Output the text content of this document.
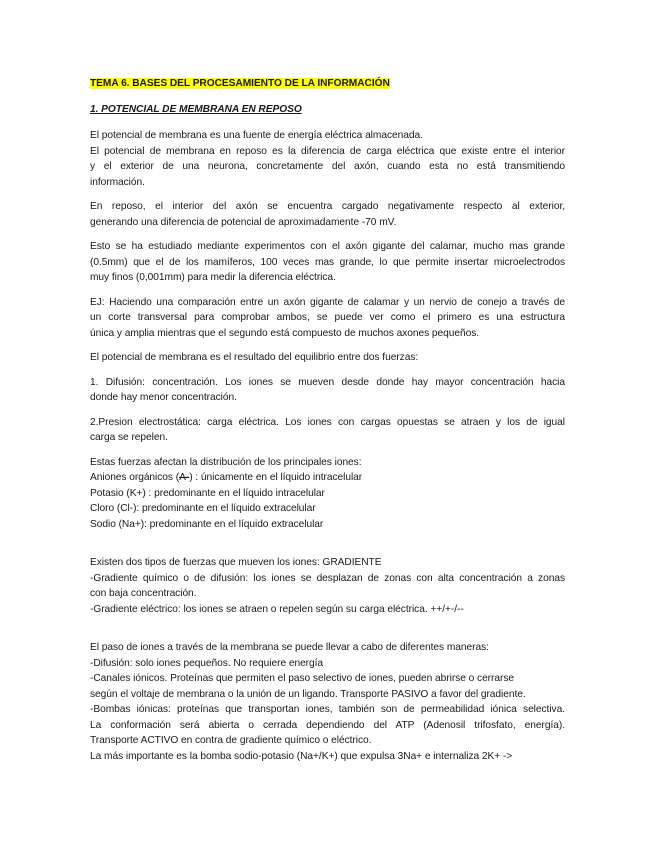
TEMA 6. BASES DEL PROCESAMIENTO DE LA INFORMACIÓN
1. POTENCIAL DE MEMBRANA EN REPOSO
El potencial de membrana es una fuente de energía eléctrica almacenada.
El potencial de membrana en reposo es la diferencia de carga eléctrica que existe entre el interior
y el exterior de una neurona, concretamente del axón, cuando esta no está transmitiendo
información.
En reposo, el interior del axón se encuentra cargado negativamente respecto al exterior,
generando una diferencia de potencial de aproximadamente -70 mV.
Esto se ha estudiado mediante experimentos con el axón gigante del calamar, mucho mas grande
(0.5mm) que el de los mamíferos, 100 veces mas grande, lo que permite insertar microelectrodos
muy finos (0,001mm) para medir la diferencia eléctrica.
EJ: Haciendo una comparación entre un axón gigante de calamar y un nervio de conejo a través de
un corte transversal para comprobar ambos, se puede ver como el primero es una estructura
única y amplia mientras que el segundo está compuesto de muchos axones pequeños.
El potencial de membrana es el resultado del equilibrio entre dos fuerzas:
1. Difusión: concentración. Los iones se mueven desde donde hay mayor concentración hacia
donde hay menor concentración.
2.Presion electrostática: carga eléctrica. Los iones con cargas opuestas se atraen y los de igual
carga se repelen.
Estas fuerzas afectan la distribución de los principales iones:
Aniones orgánicos (A-) : únicamente en el líquido intracelular
Potasio (K+) : predominante en el líquido intracelular
Cloro (Cl-): predominante en el líquido extracelular
Sodio (Na+): predominante en el líquido extracelular
Existen dos tipos de fuerzas que mueven los iones: GRADIENTE
-Gradiente químico o de difusión: los iones se desplazan de zonas con alta concentración a zonas
con baja concentración.
-Gradiente eléctrico: los iones se atraen o repelen según su carga eléctrica. ++/+-/--
El paso de iones a través de la membrana se puede llevar a cabo de diferentes maneras:
-Difusión: solo iones pequeños. No requiere energía
-Canales iónicos. Proteínas que permiten el paso selectivo de iones, pueden abrirse o cerrarse
según el voltaje de membrana o la unión de un ligando. Transporte PASIVO a favor del gradiente.
-Bombas iónicas: proteínas que transportan iones, también son de permeabilidad iónica selectiva.
La conformación será abierta o cerrada dependiendo del ATP (Adenosil trifosfato, energía).
Transporte ACTIVO en contra de gradiente químico o eléctrico.
La más importante es la bomba sodio-potasio (Na+/K+) que expulsa 3Na+ e internaliza 2K+ ->
